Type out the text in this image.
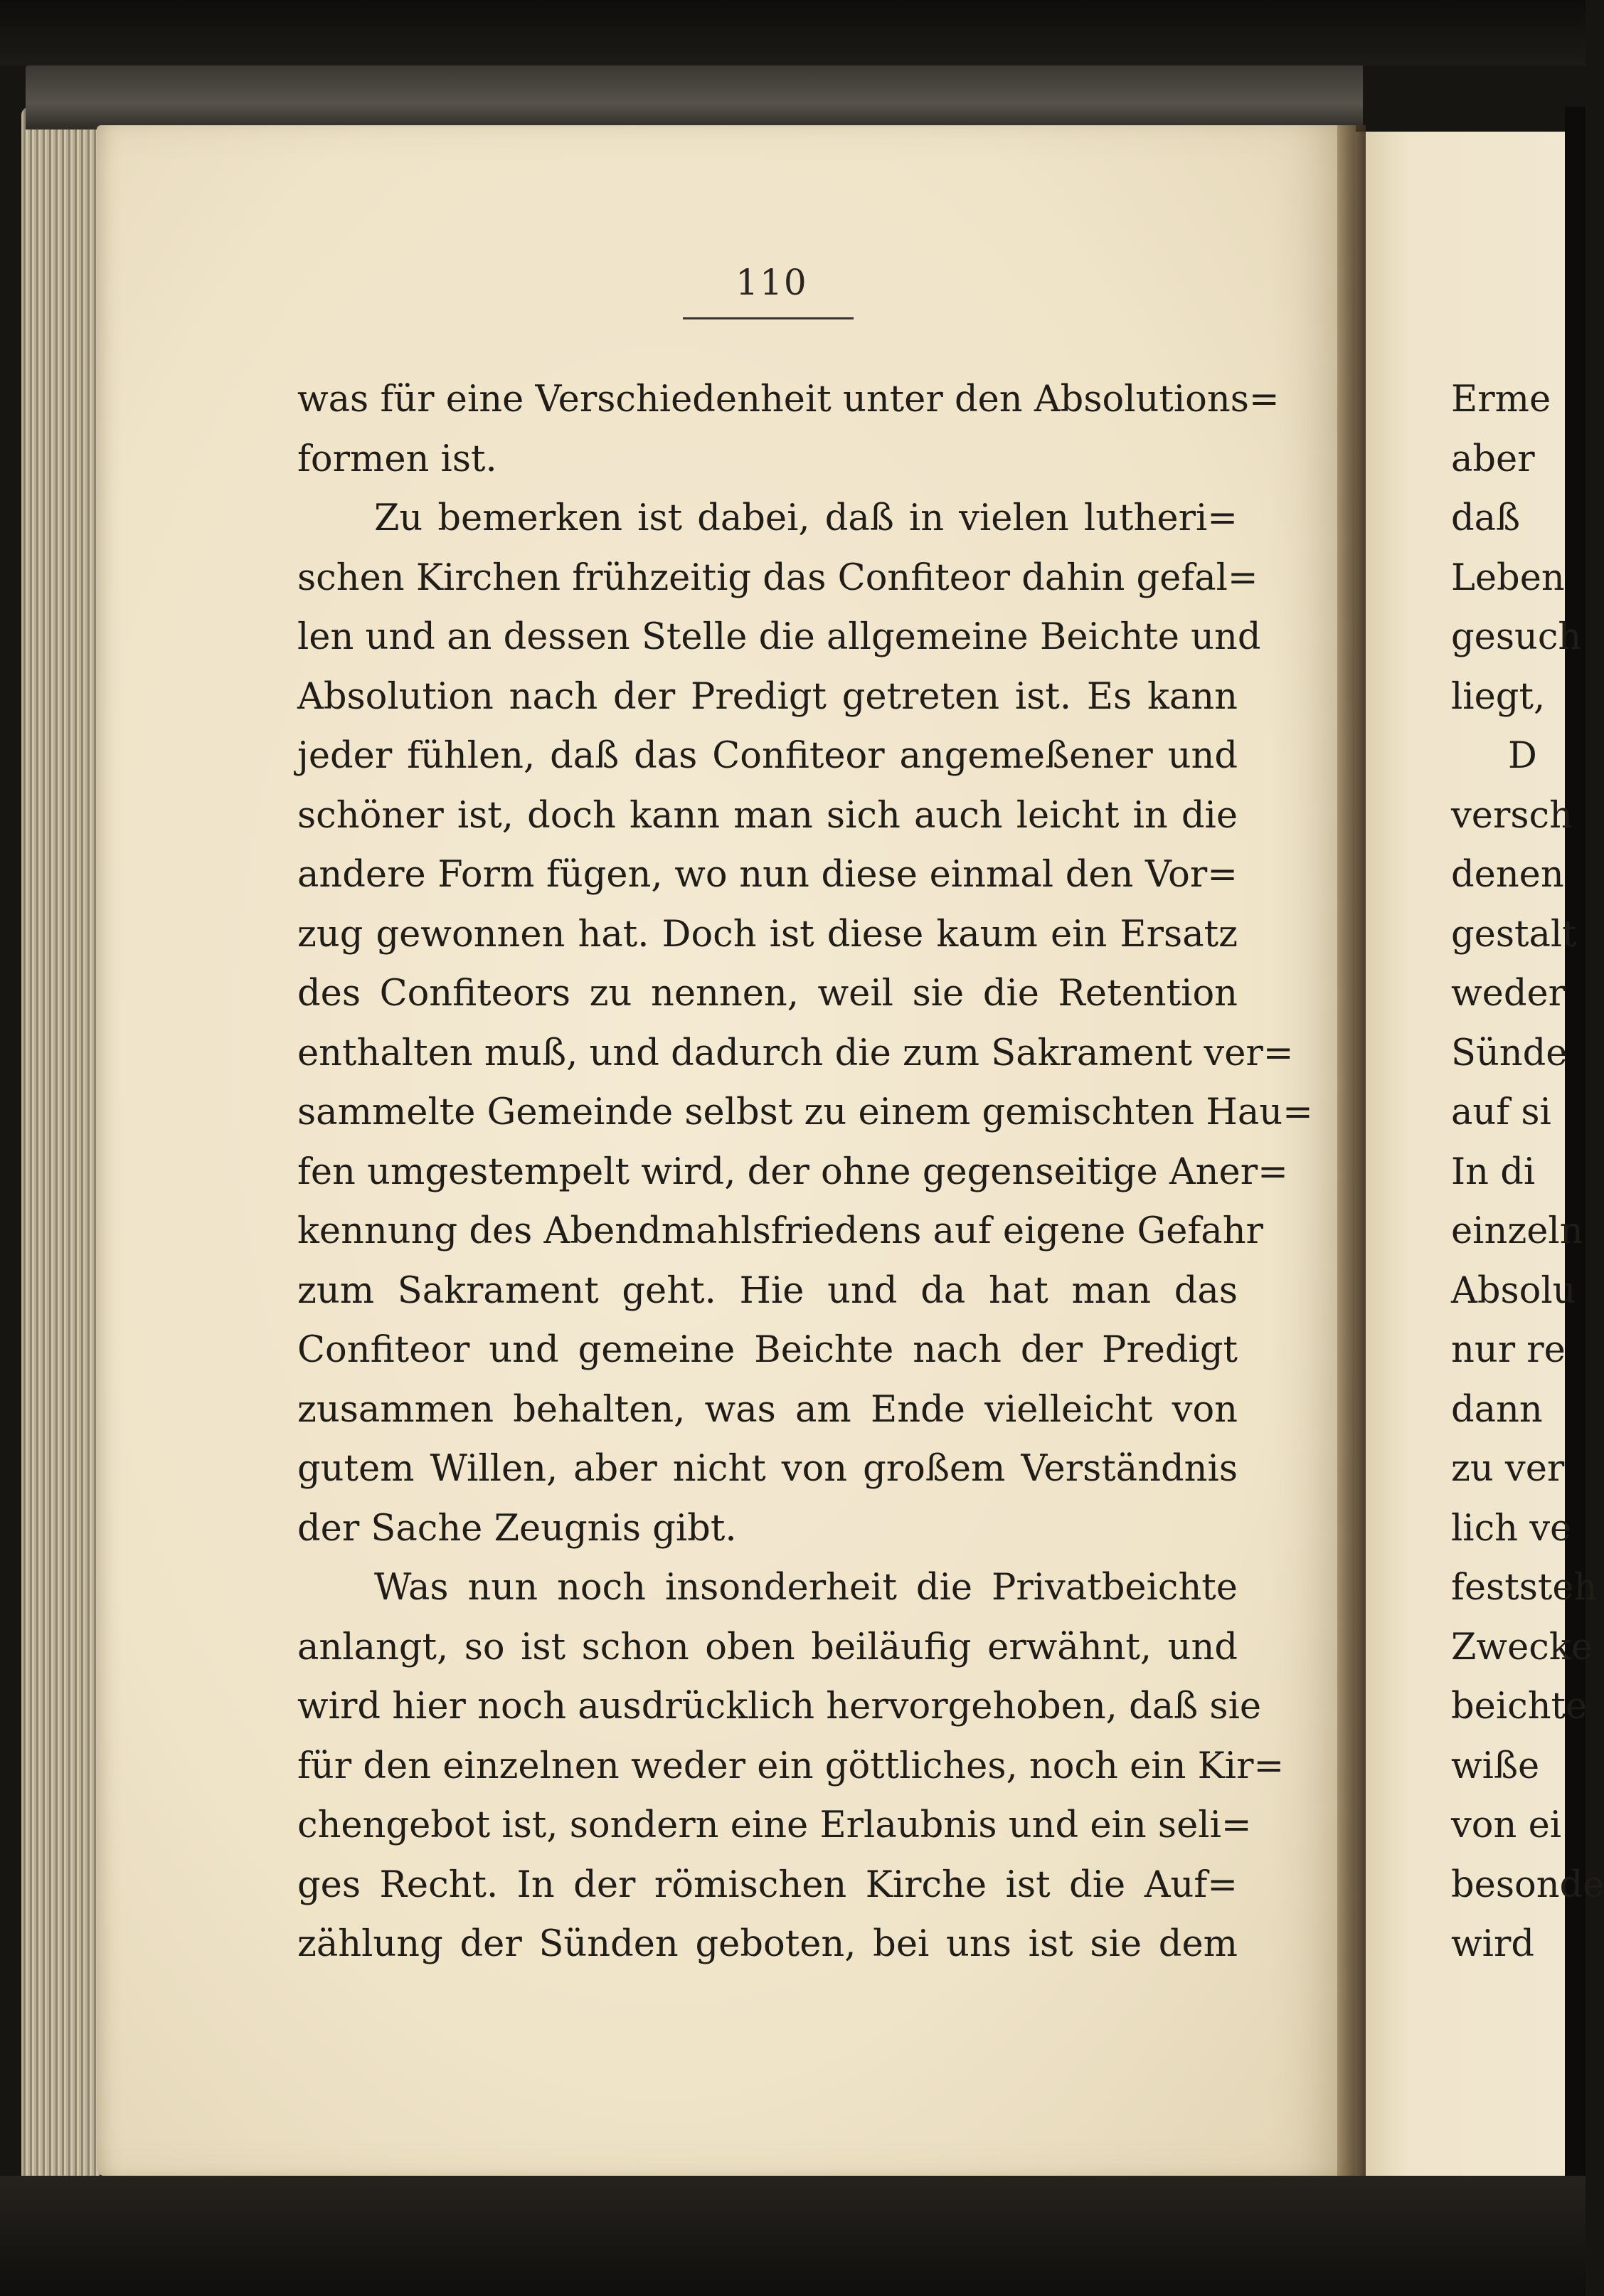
110
was für eine Verschiedenheit unter den Absolutions=
formen ist.
Zu bemerken ist dabei, daß in vielen lutheri=
schen Kirchen frühzeitig das Confiteor dahin gefal=
len und an dessen Stelle die allgemeine Beichte und
Absolution nach der Predigt getreten ist. Es kann
jeder fühlen, daß das Confiteor angemeßener und
schöner ist, doch kann man sich auch leicht in die
andere Form fügen, wo nun diese einmal den Vor=
zug gewonnen hat. Doch ist diese kaum ein Ersatz
des Confiteors zu nennen, weil sie die Retention
enthalten muß, und dadurch die zum Sakrament ver=
sammelte Gemeinde selbst zu einem gemischten Hau=
fen umgestempelt wird, der ohne gegenseitige Aner=
kennung des Abendmahlsfriedens auf eigene Gefahr
zum Sakrament geht. Hie und da hat man das
Confiteor und gemeine Beichte nach der Predigt
zusammen behalten, was am Ende vielleicht von
gutem Willen, aber nicht von großem Verständnis
der Sache Zeugnis gibt.
Was nun noch insonderheit die Privatbeichte
anlangt, so ist schon oben beiläufig erwähnt, und
wird hier noch ausdrücklich hervorgehoben, daß sie
für den einzelnen weder ein göttliches, noch ein Kir=
chengebot ist, sondern eine Erlaubnis und ein seli=
ges Recht. In der römischen Kirche ist die Auf=
zählung der Sünden geboten, bei uns ist sie dem
Erme
aber
daß
Leben
gesuch
liegt,
D
versch
denen
gestalt
weder
Sünde
auf si
In di
einzeln
Absolu
nur re
dann
zu ver
lich ve
feststeh
Zwecke
beichte
wiße
von ei
besonde
wird
